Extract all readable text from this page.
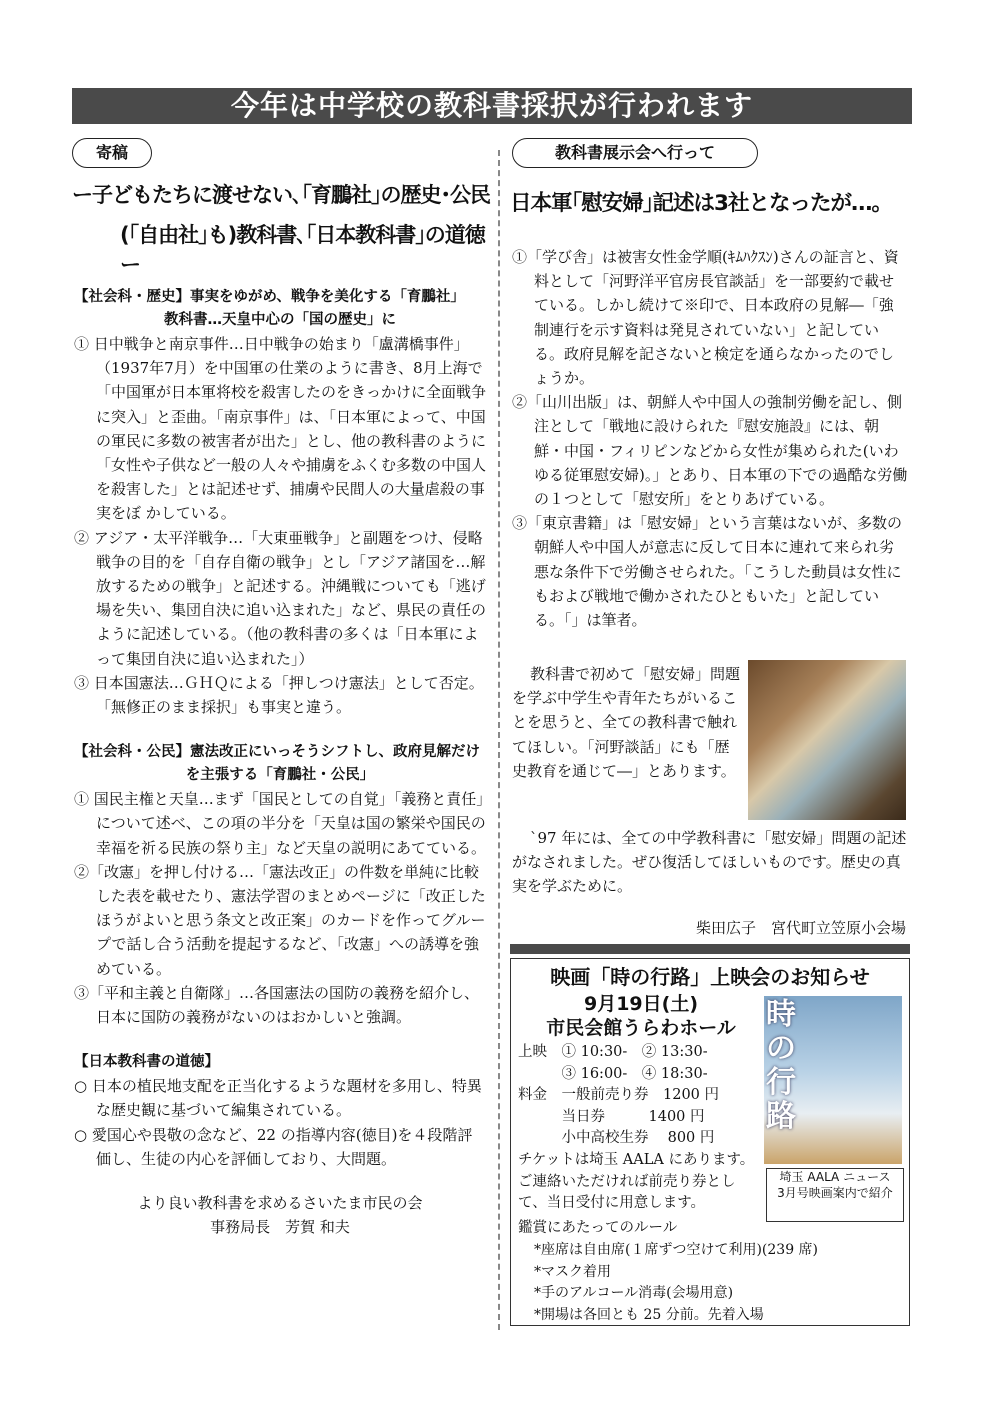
今年は中学校の教科書採択が行われます
寄稿
ー子どもたちに渡せない､｢育鵬社｣の歴史･公民
(｢自由社｣も)教科書､｢日本教科書｣の道徳ー
【社会科・歴史】事実をゆがめ、戦争を美化する「育鵬社」
教科書…天皇中心の「国の歴史」に

① 日中戦争と南京事件…日中戦争の始まり「盧溝橋事件」（1937年7月）を中国軍の仕業のように書き、8月上海で「中国軍が日本軍将校を殺害したのをきっかけに全面戦争に突入」と歪曲。「南京事件」は、「日本軍によって、中国の軍民に多数の被害者が出た」とし、他の教科書のように「女性や子供など一般の人々や捕虜をふくむ多数の中国人を殺害した」とは記述せず、捕虜や民間人の大量虐殺の事実をぼ かしている。

② アジア・太平洋戦争…「大東亜戦争」と副題をつけ、侵略戦争の目的を「自存自衛の戦争」とし「アジア諸国を…解放するための戦争」と記述する。沖縄戦についても「逃げ場を失い、集団自決に追い込まれた」など、県民の責任のように記述している。（他の教科書の多くは「日本軍によって集団自決に追い込まれた」）

③ 日本国憲法…ＧＨＱによる「押しつけ憲法」として否定。「無修正のまま採択」も事実と違う。

【社会科・公民】憲法改正にいっそうシフトし、政府見解だけ
を主張する「育鵬社・公民」

① 国民主権と天皇…まず「国民としての自覚」「義務と責任」について述べ、この項の半分を「天皇は国の繁栄や国民の幸福を祈る民族の祭り主」など天皇の説明にあてている。

②「改憲」を押し付ける…「憲法改正」の件数を単純に比較した表を載せたり、憲法学習のまとめページに「改正したほうがよいと思う条文と改正案」のカードを作ってグループで話し合う活動を提起するなど、「改憲」への誘導を強めている。

③「平和主義と自衛隊」…各国憲法の国防の義務を紹介し、日本に国防の義務がないのはおかしいと強調。

【日本教科書の道徳】

○ 日本の植民地支配を正当化するような題材を多用し、特異な歴史観に基づいて編集されている。

○ 愛国心や畏敬の念など、22 の指導内容(徳目)を４段階評価し、生徒の内心を評価しており、大問題。

より良い教科書を求めるさいたま市民の会
事務局長　芳賀 和夫
教科書展示会へ行って
日本軍｢慰安婦｣記述は3社となったが…。

①「学び舎」は被害女性金学順(ｷﾑﾊｸｽﾝ)さんの証言と、資料として「河野洋平官房長官談話」を一部要約で載せている。しかし続けて※印で、日本政府の見解―「強制連行を示す資料は発見されていない」と記している。政府見解を記さないと検定を通らなかったのでしょうか。

②「山川出版」は、朝鮮人や中国人の強制労働を記し、側注として「戦地に設けられた『慰安施設』には、朝鮮・中国・フィリピンなどから女性が集められた(いわゆる従軍慰安婦)。」とあり、日本軍の下での過酷な労働の１つとして「慰安所」をとりあげている。

③「東京書籍」は「慰安婦」という言葉はないが、多数の朝鮮人や中国人が意志に反して日本に連れて来られ劣悪な条件下で労働させられた。「こうした動員は女性にもおよび戦地で働かされたひともいた」と記している。「」は筆者。

教科書で初めて「慰安婦」問題を学ぶ中学生や青年たちがいることを思うと、全ての教科書で触れてほしい。「河野談話」にも「歴史教育を通じて―」とあります。
`97 年には、全ての中学教科書に「慰安婦」問題の記述がなされました。ぜひ復活してほしいものです。歴史の真実を学ぶために。
柴田広子　宮代町立笠原小会場
映画「時の行路」上映会のお知らせ
9月19日(土)
市民会館うらわホール
上映　① 10:30-　② 13:30-
　　　③ 16:00-　④ 18:30-
料金　一般前売り券　1200 円
　　　当日券　　　1400 円
　　　小中高校生券　 800 円
チケットは埼玉 AALA にあります。ご連絡いただければ前売り券として、当日受付に用意します。
鑑賞にあたってのルール
*座席は自由席(１席ずつ空けて利用)(239 席)
*マスク着用
*手のアルコール消毒(会場用意)
*開場は各回とも 25 分前。先着入場
時の行路
埼玉 AALA ニュース
3月号映画案内で紹介
